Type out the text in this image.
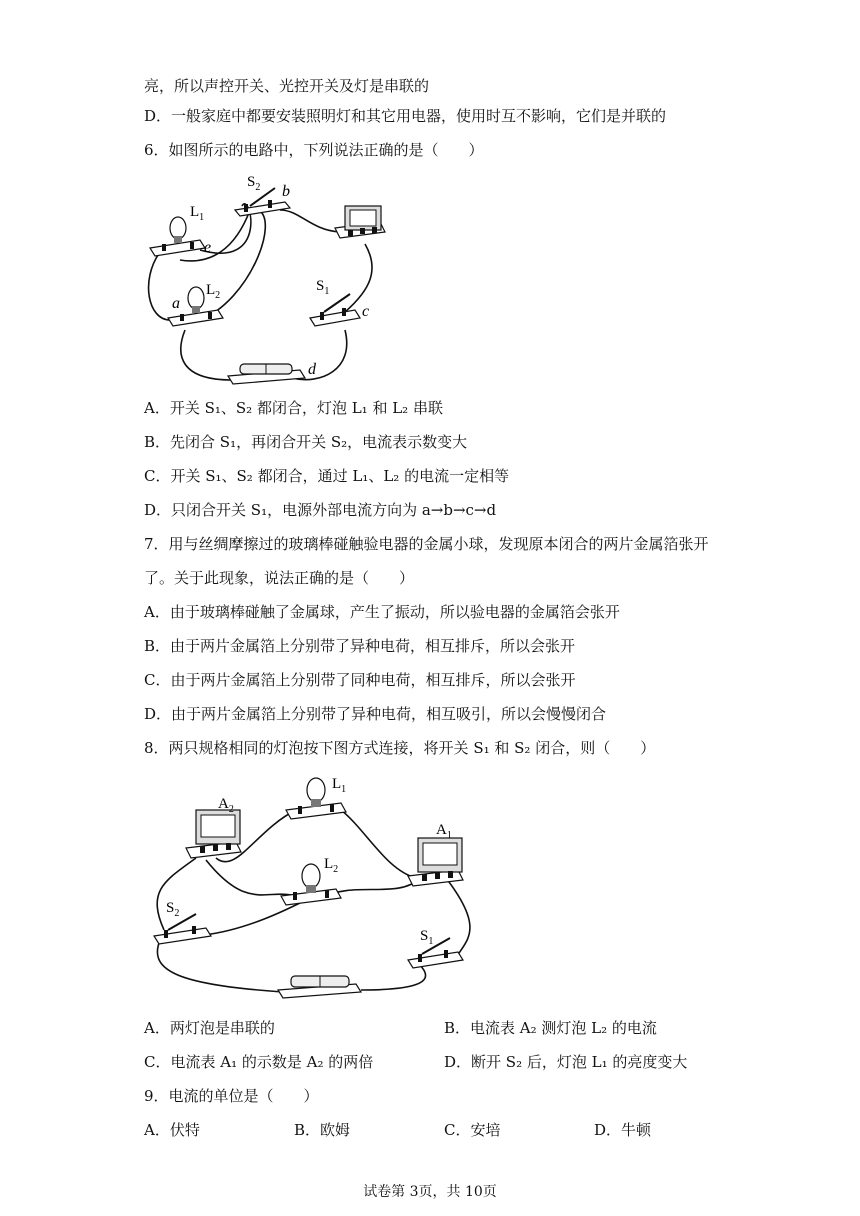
亮，所以声控开关、光控开关及灯是串联的
D．一般家庭中都要安装照明灯和其它用电器，使用时互不影响，它们是并联的
6．如图所示的电路中，下列说法正确的是（　　）
$S_2$ b
$L_1$
e
a
$L_2$
$S_1$
c
d
A．开关 S₁、S₂ 都闭合，灯泡 L₁ 和 L₂ 串联
B．先闭合 S₁，再闭合开关 S₂，电流表示数变大
C．开关 S₁、S₂ 都闭合，通过 L₁、L₂ 的电流一定相等
D．只闭合开关 S₁，电源外部电流方向为 a→b→c→d
7．用与丝绸摩擦过的玻璃棒碰触验电器的金属小球，发现原本闭合的两片金属箔张开
了。关于此现象，说法正确的是（　　）
A．由于玻璃棒碰触了金属球，产生了振动，所以验电器的金属箔会张开
B．由于两片金属箔上分别带了异种电荷，相互排斥，所以会张开
C．由于两片金属箔上分别带了同种电荷，相互排斥，所以会张开
D．由于两片金属箔上分别带了异种电荷，相互吸引，所以会慢慢闭合
8．两只规格相同的灯泡按下图方式连接，将开关 S₁ 和 S₂ 闭合，则（　　）
$A_2$
$L_1$
$A_1$
$L_2$
$S_2$
$S_1$
A．两灯泡是串联的	B．电流表 A₂ 测灯泡 L₂ 的电流
C．电流表 A₁ 的示数是 A₂ 的两倍	D．断开 S₂ 后，灯泡 L₁ 的亮度变大
9．电流的单位是（　　）
A．伏特	B．欧姆	C．安培	D．牛顿
试卷第 3页，共 10页
